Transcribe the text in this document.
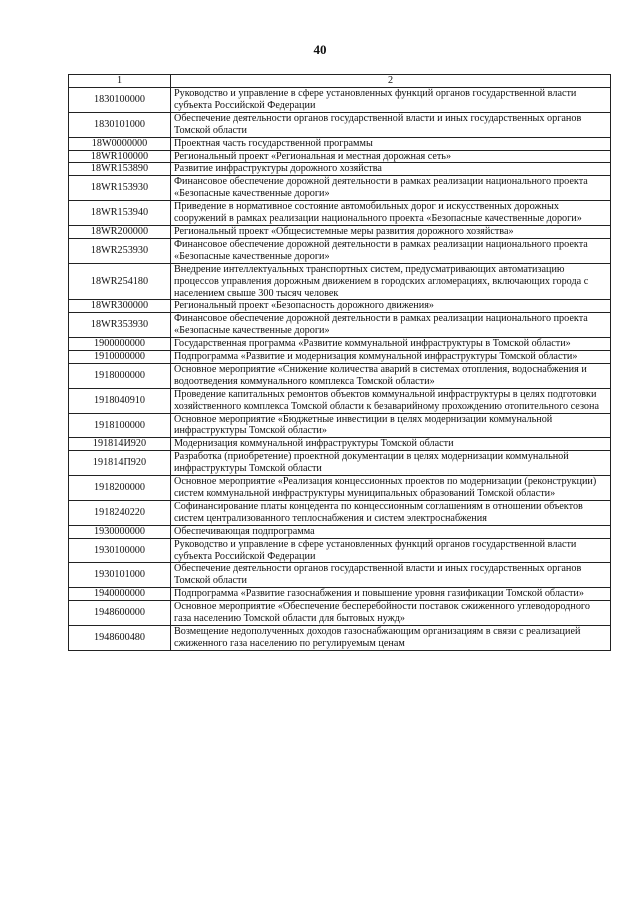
40
1	2
1830100000	Руководство и управление в сфере установленных функций органов государственной власти субъекта Российской Федерации
1830101000	Обеспечение деятельности органов государственной власти и иных государственных органов Томской области
18W0000000	Проектная часть государственной программы
18WR100000	Региональный проект «Региональная и местная дорожная сеть»
18WR153890	Развитие инфраструктуры дорожного хозяйства
18WR153930	Финансовое обеспечение дорожной деятельности в рамках реализации национального проекта «Безопасные качественные дороги»
18WR153940	Приведение в нормативное состояние автомобильных дорог и искусственных дорожных сооружений в рамках реализации национального проекта «Безопасные качественные дороги»
18WR200000	Региональный проект «Общесистемные меры развития дорожного хозяйства»
18WR253930	Финансовое обеспечение дорожной деятельности в рамках реализации национального проекта «Безопасные качественные дороги»
18WR254180	Внедрение интеллектуальных транспортных систем, предусматривающих автоматизацию процессов управления дорожным движением в городских агломерациях, включающих города с населением свыше 300 тысяч человек
18WR300000	Региональный проект «Безопасность дорожного движения»
18WR353930	Финансовое обеспечение дорожной деятельности в рамках реализации национального проекта «Безопасные качественные дороги»
1900000000	Государственная программа «Развитие коммунальной инфраструктуры в Томской области»
1910000000	Подпрограмма «Развитие и модернизация коммунальной инфраструктуры Томской области»
1918000000	Основное мероприятие «Снижение количества аварий в системах отопления, водоснабжения и водоотведения коммунального комплекса Томской области»
1918040910	Проведение капитальных ремонтов объектов коммунальной инфраструктуры в целях подготовки хозяйственного комплекса Томской области к безаварийному прохождению отопительного сезона
1918100000	Основное мероприятие «Бюджетные инвестиции в целях модернизации коммунальной инфраструктуры Томской области»
191814И920	Модернизация коммунальной инфраструктуры Томской области
191814П920	Разработка (приобретение) проектной документации в целях модернизации коммунальной инфраструктуры Томской области
1918200000	Основное мероприятие «Реализация концессионных проектов по модернизации (реконструкции) систем коммунальной инфраструктуры муниципальных образований Томской области»
1918240220	Софинансирование платы концедента по концессионным соглашениям в отношении объектов систем централизованного теплоснабжения и систем электроснабжения
1930000000	Обеспечивающая подпрограмма
1930100000	Руководство и управление в сфере установленных функций органов государственной власти субъекта Российской Федерации
1930101000	Обеспечение деятельности органов государственной власти и иных государственных органов Томской области
1940000000	Подпрограмма «Развитие газоснабжения и повышение уровня газификации Томской области»
1948600000	Основное мероприятие «Обеспечение бесперебойности поставок сжиженного углеводородного газа населению Томской области для бытовых нужд»
1948600480	Возмещение недополученных доходов газоснабжающим организациям в связи с реализацией сжиженного газа населению по регулируемым ценам
